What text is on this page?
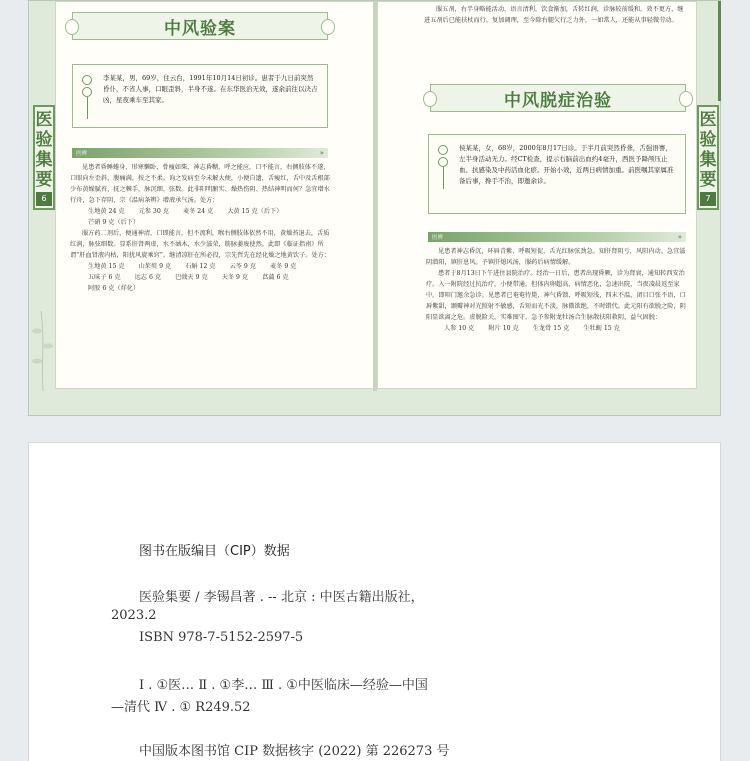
医
验
集
要
6
中风验案
李某某，男，69岁，住云台，1991年10月14日初诊。患者于九日前突然昏仆，不省人事，口眼歪斜，半身不遂。在东华医治无效，遂余前往以决吉凶，星夜乘车至其家。
医辨	»

见患者昏睡蜷身，形寒懒卧，骨瘦如柴，神志昏糊，呼之能应，口不能言，右侧肢体不遂，口眼向左歪斜，腹痛满，按之不柔。询之发病至今未解大便，小便自遗，舌瘦红，舌中及舌根部少布黄燥腻苔，抚之棘手，脉沉细、弦数。此非阳明腑实、燥热伤阴、热结神明而何？急宜增水行舟，急下存阴，宗《温病条辨》增液承气汤。处方：

生地黄 24 克 元参 30 克 麦冬 24 克 大黄 15 克（后下）
芒硝 9 克（后下）

服方药二剂后，便通神清，口即能言，但不流利，喉右侧肢体依然不用，黄燥苔退去，舌质红润，脉弦细数。显系肝肾两虚，水不涵木，水少滋荣，筋脉萎废使然。此即《临证指南》所谓“肝血肾液内枯，阳扰风旋乘窍”。继清凉肝在所必投，宗先哲先在经化燥之地黄饮子。处方：

生地黄 15 克 山茱萸 9 克 石斛 12 克 云苓 9 克 麦冬 9 克
五味子 6 克 远志 6 克 巴戟天 9 克 天冬 9 克 菖蒲 6 克
阿胶 6 克（烊化）

服五剂，右半身略能活动，语言清利，饮食渐加，舌转红润，诊脉较前缓和。效不更方，继进五剂后已能扶杖而行。复加调理，至今除右腿欠行乏力外，一如常人，还能从事轻微劳动。

中风脱症治验
侯某某，女，68岁，2000年8月17日诊。于半月前突然昏聋，舌强语謇，左半身活动无力。经CT检查，提示右脑前出血约4毫升，西医予降颅压止血、抗感染及中药活血化瘀。开始小效，近两日病情加重。前医嘱其家属准备后事，搀手不治，即邀余诊。
医辨	»

见患者神志昏沉，环唇青紫，呼吸短促，舌光红脉弦劲急。知肝肾阴亏，风阳内动。急宜滋阴潜阳，镇肝息风。予镇肝熄风汤，服药后病情缓解。

患者于8月13日下午进住县院治疗。经治一日后，患者出现昏厥，诊为肾衰，通知转西安治疗。入一附院经过抗治疗，小便带通，但体内卵超高，病情恶化，急速出院，当夜凌晨返至家中。即叩门邀余急诊。见患者已奄奄待毙，神气昏馈，呼吸短浅，四末不温，闭目口张不语，口唇紫甜，颞瓣神对光照射不敏感，舌短而光不淡，脉微欲绝，不时错代。此元阳有欲脱之险，阴阳显欲离之危。虚脱险关，实难图守。急予参附龙牡汤合生脉散扶阳救阴，益气固脱：

人参 10 克 附片 10 克 生龙骨 15 克 生牡蛎 15 克
医
验
集
要
7
图书在版编目（CIP）数据
医验集要 / 李锡昌著 . -- 北京 : 中医古籍出版社，
2023.2
ISBN 978-7-5152-2597-5
Ⅰ . ①医… Ⅱ . ①李… Ⅲ . ①中医临床—经验—中国
—清代 Ⅳ . ① R249.52
中国版本图书馆 CIP 数据核字 (2022) 第 226273 号
